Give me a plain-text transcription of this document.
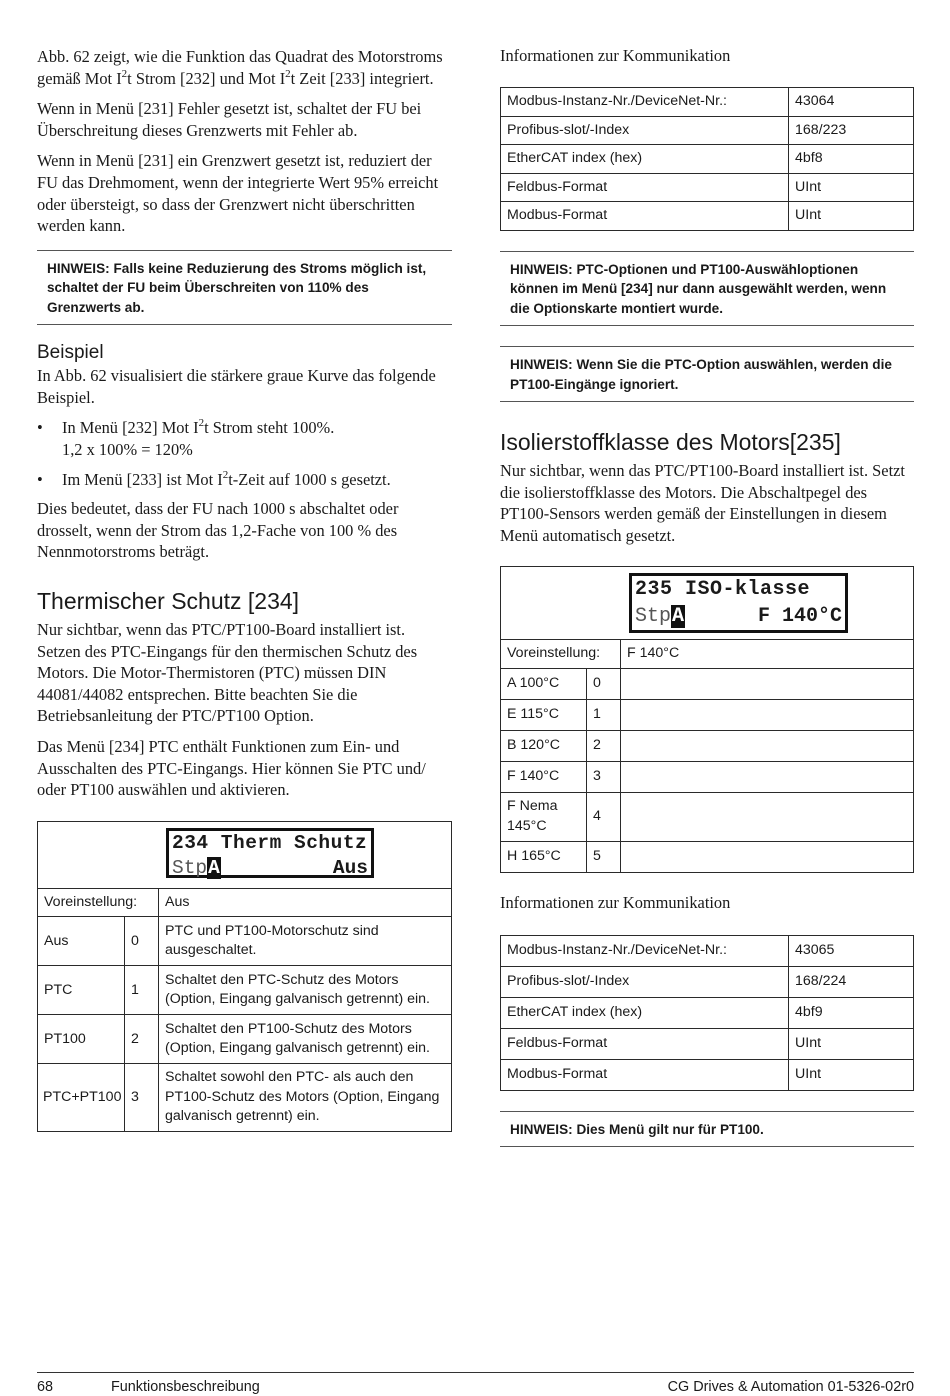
Abb. 62 zeigt, wie die Funktion das Quadrat des Motorstroms gemäß Mot $I^2t$ Strom [232] und Mot $I^2t$ Zeit [233] integriert.

Wenn in Menü [231] Fehler gesetzt ist, schaltet der FU bei Überschreitung dieses Grenzwerts mit Fehler ab.

Wenn in Menü [231] ein Grenzwert gesetzt ist, reduziert der FU das Drehmoment, wenn der integrierte Wert 95% erreicht oder übersteigt, so dass der Grenzwert nicht überschritten werden kann.

HINWEIS: Falls keine Reduzierung des Stroms möglich ist, schaltet der FU beim Überschreiten von 110% des Grenzwerts ab.
Beispiel

In Abb. 62 visualisiert die stärkere graue Kurve das folgende Beispiel.

• In Menü [232] Mot $I^2t$ Strom steht 100%.
1,2 x 100% = 120%
• Im Menü [233] ist Mot $I^2t$-Zeit auf 1000 s gesetzt.

Dies bedeutet, dass der FU nach 1000 s abschaltet oder drosselt, wenn der Strom das 1,2-Fache von 100 % des Nennmotorstroms beträgt.

Thermischer Schutz [234]

Nur sichtbar, wenn das PTC/PT100-Board installiert ist. Setzen des PTC-Eingangs für den thermischen Schutz des Motors. Die Motor-Thermistoren (PTC) müssen DIN 44081/44082 entsprechen. Bitte beachten Sie die Betriebsanleitung der PTC/PT100 Option.

Das Menü [234] PTC enthält Funktionen zum Ein- und Ausschalten des PTC-Eingangs. Hier können Sie PTC und/ oder PT100 auswählen und aktivieren.

234 Therm Schutz
StpA Aus		

Voreinstellung:		Aus
Aus	0	PTC und PT100-Motorschutz sind ausgeschaltet.
PTC	1	Schaltet den PTC-Schutz des Motors (Option, Eingang galvanisch getrennt) ein.
PT100	2	Schaltet den PT100-Schutz des Motors (Option, Eingang galvanisch getrennt) ein.
PTC+PT100	3	Schaltet sowohl den PTC- als auch den PT100-Schutz des Motors (Option, Eingang galvanisch getrennt) ein.

Informationen zur Kommunikation

Modbus-Instanz-Nr./DeviceNet-Nr.:	43064
Profibus-slot/-Index	168/223
EtherCAT index (hex)	4bf8
Feldbus-Format	UInt
Modbus-Format	UInt
HINWEIS: PTC-Optionen und PT100-Auswähloptionen können im Menü [234] nur dann ausgewählt werden, wenn die Optionskarte montiert wurde.
HINWEIS: Wenn Sie die PTC-Option auswählen, werden die PT100-Eingänge ignoriert.
Isolierstoffklasse des Motors[235]

Nur sichtbar, wenn das PTC/PT100-Board installiert ist. Setzt die isolierstoffklasse des Motors. Die Abschaltpegel des PT100-Sensors werden gemäß der Einstellungen in diesem Menü automatisch gesetzt.

235 ISO-klasse
StpA F 140°C		

Voreinstellung:		F 140°C
A 100°C	0	
E 115°C	1	
B 120°C	2	
F 140°C	3	
F Nema 145°C	4	
H 165°C	5	

Informationen zur Kommunikation

Modbus-Instanz-Nr./DeviceNet-Nr.:	43065
Profibus-slot/-Index	168/224
EtherCAT index (hex)	4bf9
Feldbus-Format	UInt
Modbus-Format	UInt
HINWEIS: Dies Menü gilt nur für PT100.
68	Funktionsbeschreibung	CG Drives & Automation 01-5326-02r0
